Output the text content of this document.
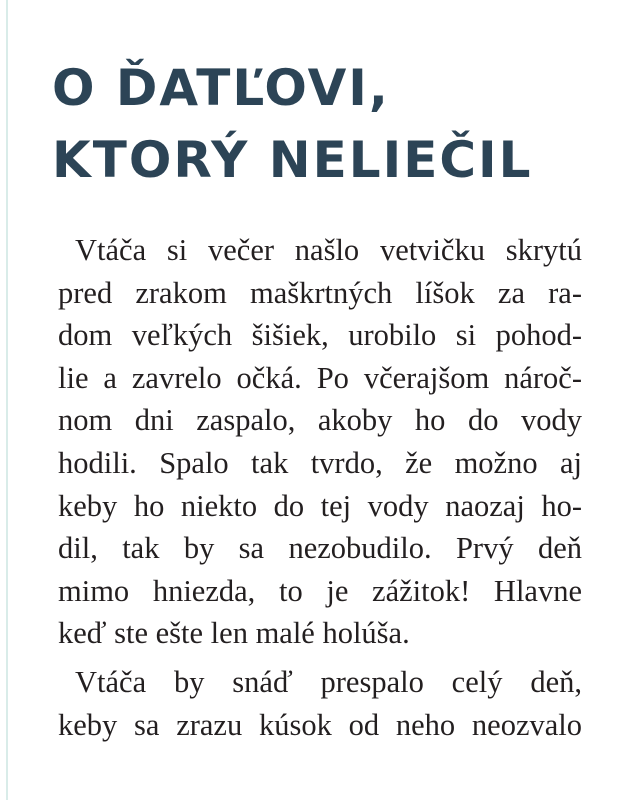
O ĎATĽOVI,
KTORÝ NELIEČIL

Vtáča si večer našlo vetvičku skrytú
pred zrakom maškrtných líšok za ra-
dom veľkých šišiek, urobilo si pohod-
lie a zavrelo očká. Po včerajšom nároč-
nom dni zaspalo, akoby ho do vody
hodili. Spalo tak tvrdo, že možno aj
keby ho niekto do tej vody naozaj ho-
dil, tak by sa nezobudilo. Prvý deň
mimo hniezda, to je zážitok! Hlavne
keď ste ešte len malé holúša.

Vtáča by snáď prespalo celý deň,
keby sa zrazu kúsok od neho neozvalo
